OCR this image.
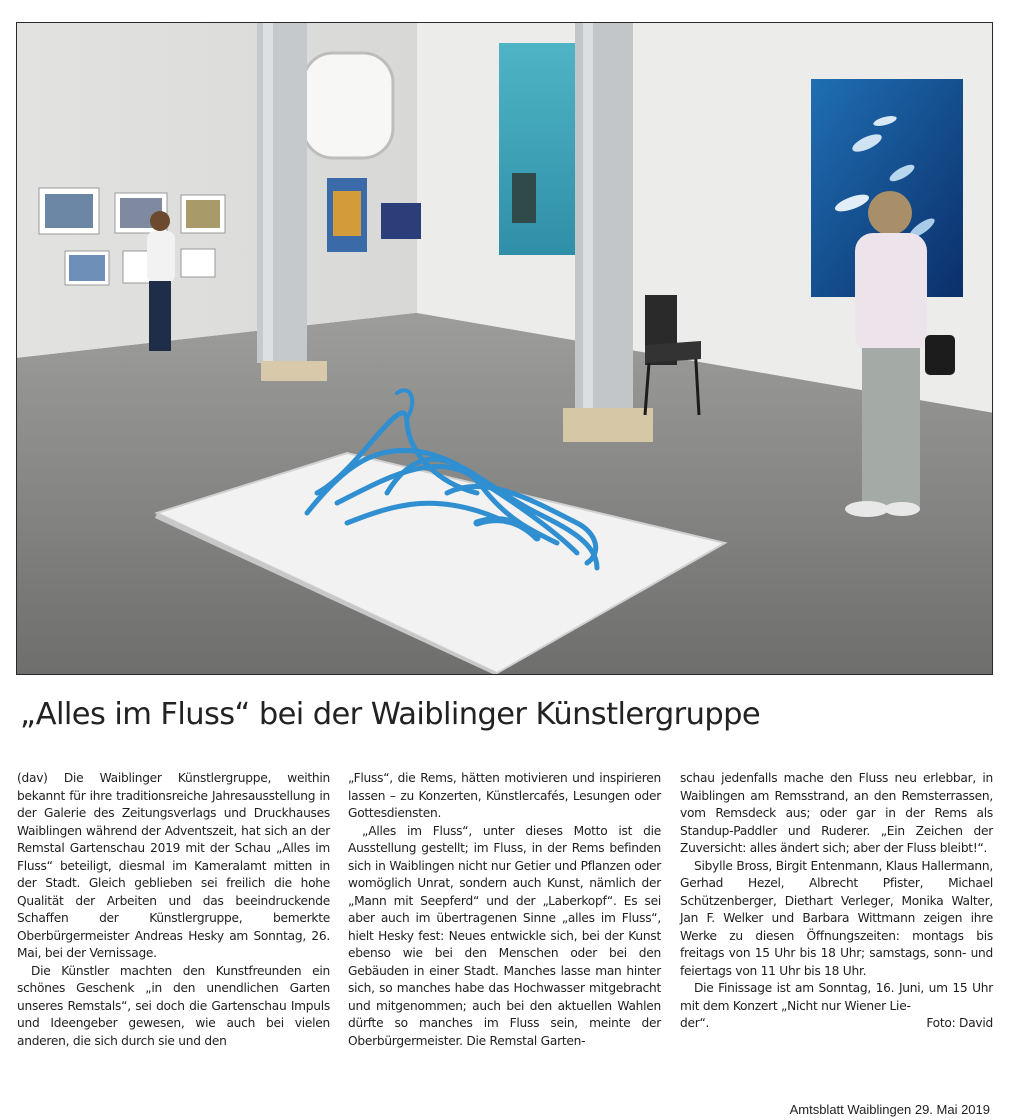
„Alles im Fluss“ bei der Waiblinger Künstlergruppe

(dav) Die Waiblinger Künstlergruppe, weithin bekannt für ihre traditionsreiche Jahresausstellung in der Galerie des Zeitungsverlags und Druckhauses Waiblingen während der Adventszeit, hat sich an der Remstal Gartenschau 2019 mit der Schau „Alles im Fluss“ beteiligt, diesmal im Kameralamt mitten in der Stadt. Gleich geblieben sei freilich die hohe Qualität der Arbeiten und das beeindruckende Schaffen der Künstlergruppe, bemerkte Oberbürgermeister Andreas Hesky am Sonntag, 26. Mai, bei der Vernissage.

Die Künstler machten den Kunstfreunden ein schönes Geschenk „in den unendlichen Garten unseres Remstals“, sei doch die Gartenschau Impuls und Ideengeber gewesen, wie auch bei vielen anderen, die sich durch sie und den

„Fluss“, die Rems, hätten motivieren und inspirieren lassen – zu Konzerten, Künstlercafés, Lesungen oder Gottesdiensten.

„Alles im Fluss“, unter dieses Motto ist die Ausstellung gestellt; im Fluss, in der Rems befinden sich in Waiblingen nicht nur Getier und Pflanzen oder womöglich Unrat, sondern auch Kunst, nämlich der „Mann mit Seepferd“ und der „Laberkopf“. Es sei aber auch im übertragenen Sinne „alles im Fluss“, hielt Hesky fest: Neues entwickle sich, bei der Kunst ebenso wie bei den Menschen oder bei den Gebäuden in einer Stadt. Manches lasse man hinter sich, so manches habe das Hochwasser mitgebracht und mitgenommen; auch bei den aktuellen Wahlen dürfte so manches im Fluss sein, meinte der Oberbürgermeister. Die Remstal Garten-

schau jedenfalls mache den Fluss neu erlebbar, in Waiblingen am Remsstrand, an den Remsterrassen, vom Remsdeck aus; oder gar in der Rems als Standup-Paddler und Ruderer. „Ein Zeichen der Zuversicht: alles ändert sich; aber der Fluss bleibt!“.

Sibylle Bross, Birgit Entenmann, Klaus Hallermann, Gerhad Hezel, Albrecht Pfister, Michael Schützenberger, Diethart Verleger, Monika Walter, Jan F. Welker und Barbara Wittmann zeigen ihre Werke zu diesen Öffnungszeiten: montags bis freitags von 15 Uhr bis 18 Uhr; samstags, sonn- und feiertags von 11 Uhr bis 18 Uhr.

Die Finissage ist am Sonntag, 16. Juni, um 15 Uhr mit dem Konzert „Nicht nur Wiener Lie-

der“.	Foto: David
Amtsblatt Waiblingen 29. Mai 2019
